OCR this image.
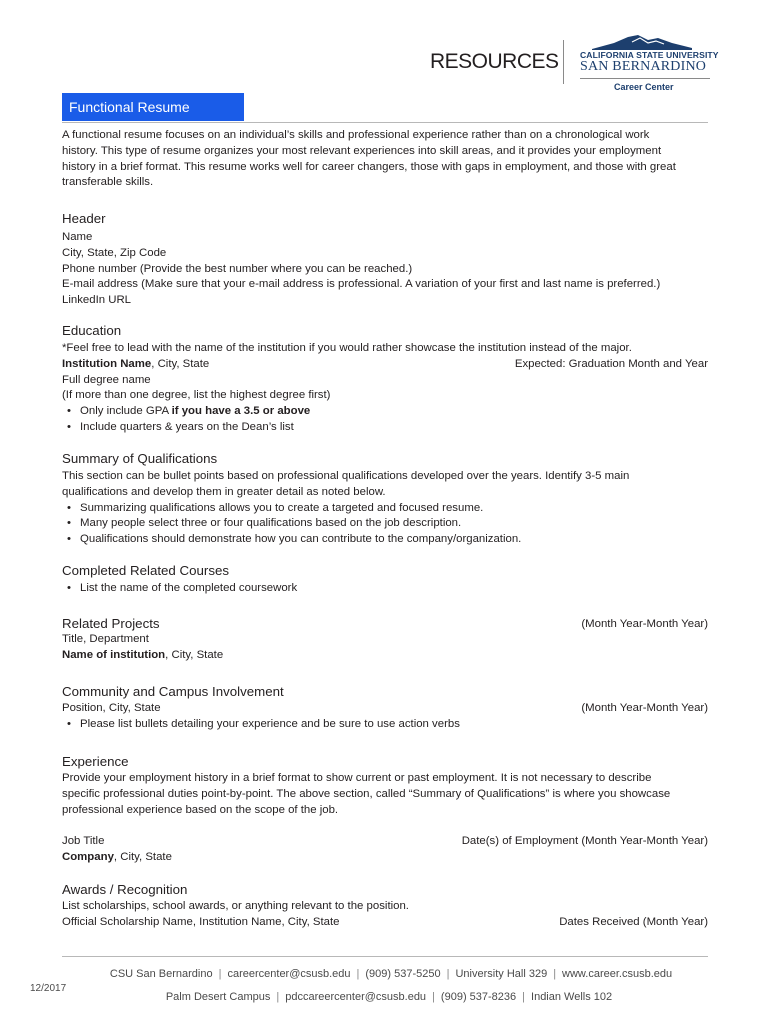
RESOURCES CALIFORNIA STATE UNIVERSITY
SAN BERNARDINO
Career Center
Functional Resume
A functional resume focuses on an individual’s skills and professional experience rather than on a chronological work
history. This type of resume organizes your most relevant experiences into skill areas, and it provides your employment
history in a brief format. This resume works well for career changers, those with gaps in employment, and those with great
transferable skills.
Header
Name
City, State, Zip Code
Phone number (Provide the best number where you can be reached.)
E-mail address (Make sure that your e-mail address is professional. A variation of your first and last name is preferred.)
LinkedIn URL
Education
*Feel free to lead with the name of the institution if you would rather showcase the institution instead of the major.
Institution Name, City, State
Full degree name
(If more than one degree, list the highest degree first)
• Only include GPA if you have a 3.5 or above
• Include quarters & years on the Dean’s list
Expected: Graduation Month and Year
Summary of Qualifications
This section can be bullet points based on professional qualifications developed over the years. Identify 3-5 main
qualifications and develop them in greater detail as noted below.
• Summarizing qualifications allows you to create a targeted and focused resume.
• Many people select three or four qualifications based on the job description.
• Qualifications should demonstrate how you can contribute to the company/organization.
Completed Related Courses
• List the name of the completed coursework
Related Projects	(Month Year-Month Year)
Title, Department
Name of institution, City, State
Community and Campus Involvement
Position, City, State
• Please list bullets detailing your experience and be sure to use action verbs
(Month Year-Month Year)
Experience
Provide your employment history in a brief format to show current or past employment. It is not necessary to describe
specific professional duties point-by-point. The above section, called “Summary of Qualifications” is where you showcase
professional experience based on the scope of the job.
Job Title
Company, City, State
Date(s) of Employment (Month Year-Month Year)
Awards / Recognition
List scholarships, school awards, or anything relevant to the position.
Official Scholarship Name, Institution Name, City, State	Dates Received (Month Year)
CSU San Bernardino | careercenter@csusb.edu | (909) 537-5250 | University Hall 329 | www.career.csusb.edu
Palm Desert Campus | pdccareercenter@csusb.edu | (909) 537-8236 | Indian Wells 102
12/2017
